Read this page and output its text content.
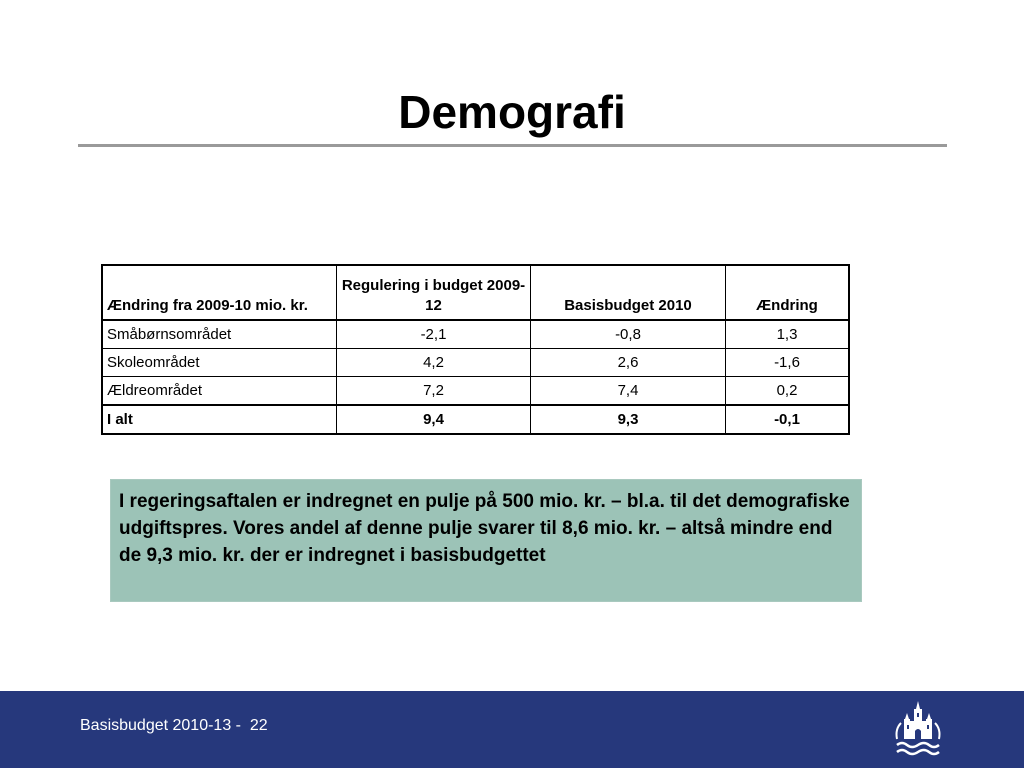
Demografi
Ændring fra 2009-10 mio. kr.	Regulering i budget 2009-12	Basisbudget 2010	Ændring
Småbørnsområdet	-2,1	-0,8	1,3
Skoleområdet	4,2	2,6	-1,6
Ældreområdet	7,2	7,4	0,2
I alt	9,4	9,3	-0,1
I regeringsaftalen er indregnet en pulje på 500 mio. kr. – bl.a. til det demografiske udgiftspres. Vores andel af denne pulje svarer til 8,6 mio. kr. – altså mindre end de 9,3 mio. kr. der er indregnet i basisbudgettet
Basisbudget 2010-13 -  22
